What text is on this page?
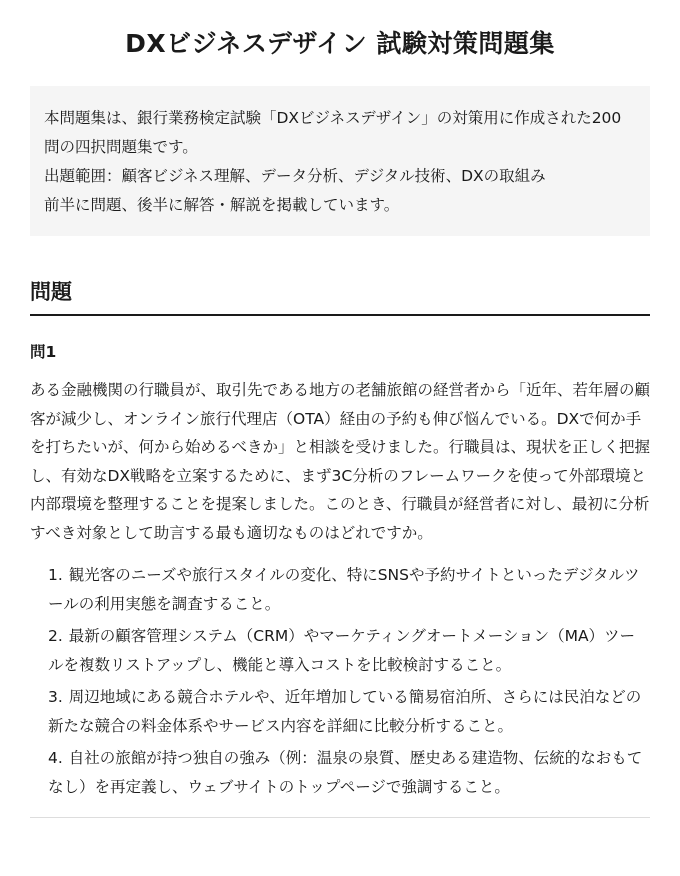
DXビジネスデザイン 試験対策問題集

本問題集は、銀行業務検定試験「DXビジネスデザイン」の対策用に作成された200問の四択問題集です。

出題範囲：顧客ビジネス理解、データ分析、デジタル技術、DXの取組み

前半に問題、後半に解答・解説を掲載しています。

問題
問1

ある金融機関の行職員が、取引先である地方の老舗旅館の経営者から「近年、若年層の顧客が減少し、オンライン旅行代理店（OTA）経由の予約も伸び悩んでいる。DXで何か手を打ちたいが、何から始めるべきか」と相談を受けました。行職員は、現状を正しく把握し、有効なDX戦略を立案するために、まず3C分析のフレームワークを使って外部環境と内部環境を整理することを提案しました。このとき、行職員が経営者に対し、最初に分析すべき対象として助言する最も適切なものはどれですか。

1. 観光客のニーズや旅行スタイルの変化、特にSNSや予約サイトといったデジタルツールの利用実態を調査すること。
2. 最新の顧客管理システム（CRM）やマーケティングオートメーション（MA）ツールを複数リストアップし、機能と導入コストを比較検討すること。
3. 周辺地域にある競合ホテルや、近年増加している簡易宿泊所、さらには民泊などの新たな競合の料金体系やサービス内容を詳細に比較分析すること。
4. 自社の旅館が持つ独自の強み（例：温泉の泉質、歴史ある建造物、伝統的なおもてなし）を再定義し、ウェブサイトのトップページで強調すること。
